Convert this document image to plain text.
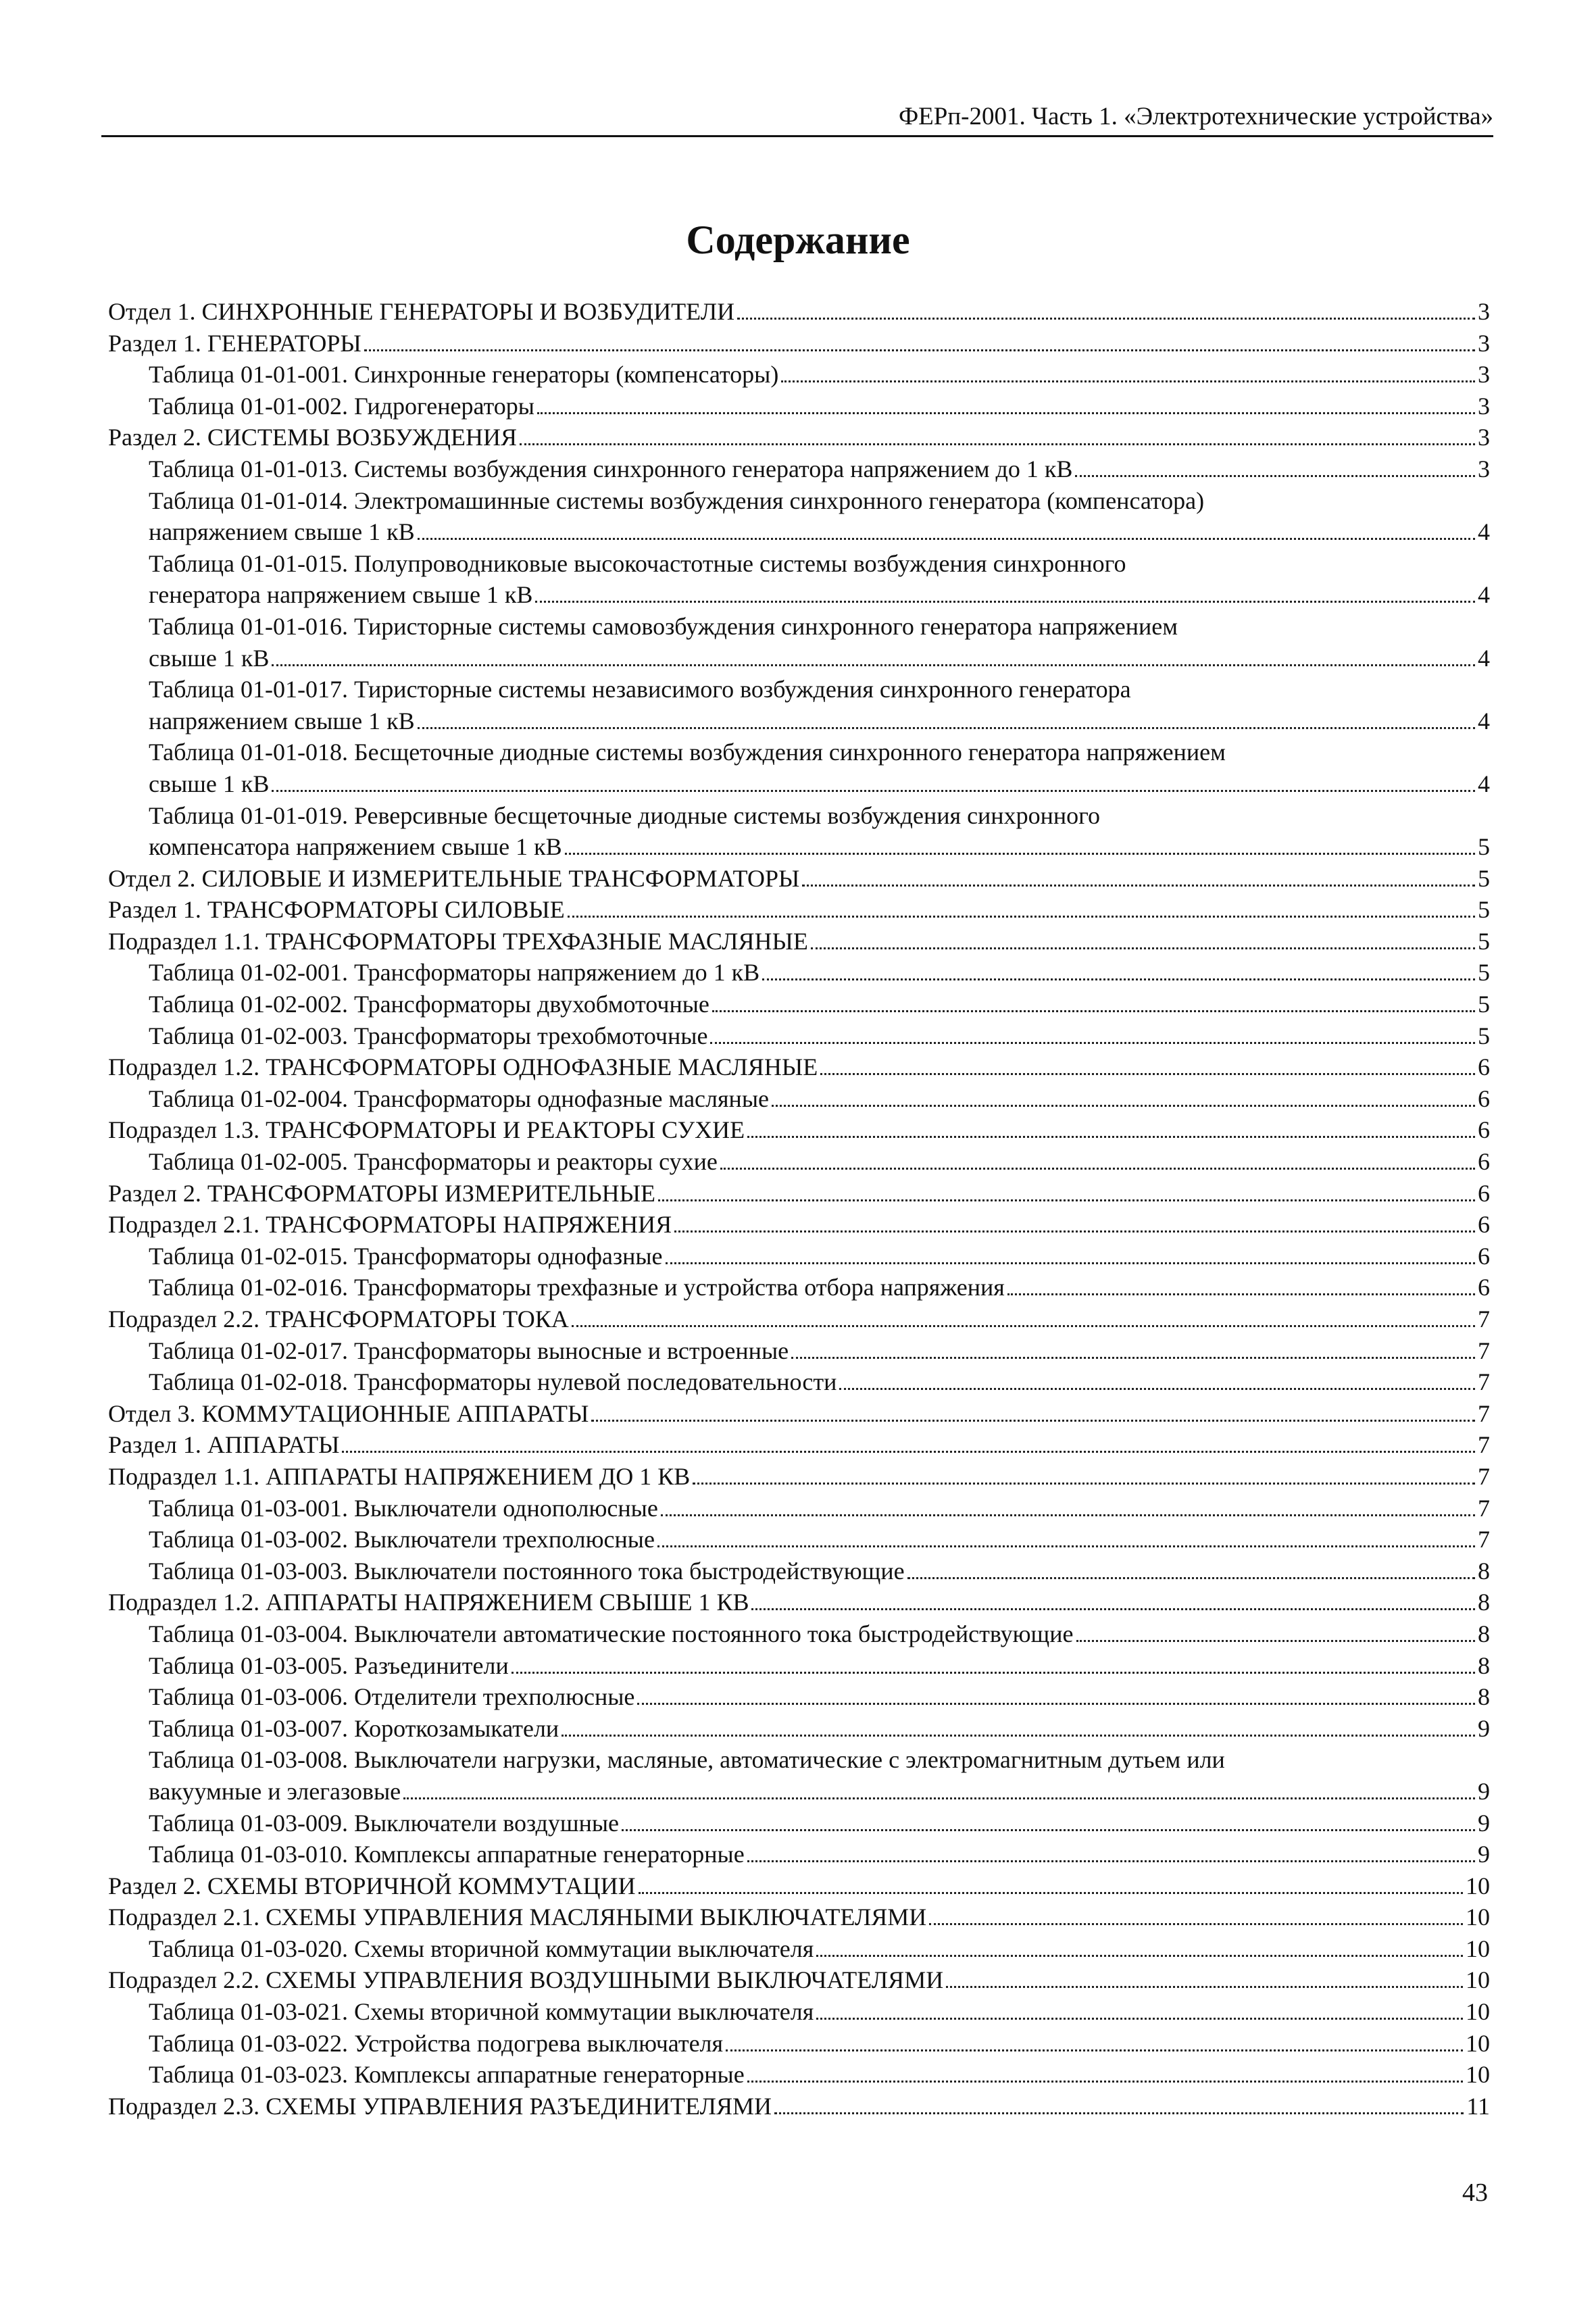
ФЕРп-2001. Часть 1. «Электротехнические устройства»
Содержание
Отдел 1. СИНХРОННЫЕ ГЕНЕРАТОРЫ И ВОЗБУДИТЕЛИ	3
Раздел 1. ГЕНЕРАТОРЫ	3
Таблица 01-01-001. Синхронные генераторы (компенсаторы)	3
Таблица 01-01-002. Гидрогенераторы	3
Раздел 2. СИСТЕМЫ ВОЗБУЖДЕНИЯ	3
Таблица 01-01-013. Системы возбуждения синхронного генератора напряжением до 1 кВ	3
Таблица 01-01-014. Электромашинные системы возбуждения синхронного генератора (компенсатора)
напряжением свыше 1 кВ	4
Таблица 01-01-015. Полупроводниковые высокочастотные системы возбуждения синхронного
генератора напряжением свыше 1 кВ	4
Таблица 01-01-016. Тиристорные системы самовозбуждения синхронного генератора напряжением
свыше 1 кВ	4
Таблица 01-01-017. Тиристорные системы независимого возбуждения синхронного генератора
напряжением свыше 1 кВ	4
Таблица 01-01-018. Бесщеточные диодные системы возбуждения синхронного генератора напряжением
свыше 1 кВ	4
Таблица 01-01-019. Реверсивные бесщеточные диодные системы возбуждения синхронного
компенсатора напряжением свыше 1 кВ	5
Отдел 2. СИЛОВЫЕ И ИЗМЕРИТЕЛЬНЫЕ ТРАНСФОРМАТОРЫ	5
Раздел 1. ТРАНСФОРМАТОРЫ СИЛОВЫЕ	5
Подраздел 1.1. ТРАНСФОРМАТОРЫ ТРЕХФАЗНЫЕ МАСЛЯНЫЕ	5
Таблица 01-02-001. Трансформаторы напряжением до 1 кВ	5
Таблица 01-02-002. Трансформаторы двухобмоточные	5
Таблица 01-02-003. Трансформаторы трехобмоточные	5
Подраздел 1.2. ТРАНСФОРМАТОРЫ ОДНОФАЗНЫЕ МАСЛЯНЫЕ	6
Таблица 01-02-004. Трансформаторы однофазные масляные	6
Подраздел 1.3. ТРАНСФОРМАТОРЫ И РЕАКТОРЫ СУХИЕ	6
Таблица 01-02-005. Трансформаторы и реакторы сухие	6
Раздел 2. ТРАНСФОРМАТОРЫ ИЗМЕРИТЕЛЬНЫЕ	6
Подраздел 2.1. ТРАНСФОРМАТОРЫ НАПРЯЖЕНИЯ	6
Таблица 01-02-015. Трансформаторы однофазные	6
Таблица 01-02-016. Трансформаторы трехфазные и устройства отбора напряжения	6
Подраздел 2.2. ТРАНСФОРМАТОРЫ ТОКА	7
Таблица 01-02-017. Трансформаторы выносные и встроенные	7
Таблица 01-02-018. Трансформаторы нулевой последовательности	7
Отдел 3. КОММУТАЦИОННЫЕ АППАРАТЫ	7
Раздел 1. АППАРАТЫ	7
Подраздел 1.1. АППАРАТЫ НАПРЯЖЕНИЕМ ДО 1 КВ	7
Таблица 01-03-001. Выключатели однополюсные	7
Таблица 01-03-002. Выключатели трехполюсные	7
Таблица 01-03-003. Выключатели постоянного тока быстродействующие	8
Подраздел 1.2. АППАРАТЫ НАПРЯЖЕНИЕМ СВЫШЕ 1 КВ	8
Таблица 01-03-004. Выключатели автоматические постоянного тока быстродействующие	8
Таблица 01-03-005. Разъединители	8
Таблица 01-03-006. Отделители трехполюсные	8
Таблица 01-03-007. Короткозамыкатели	9
Таблица 01-03-008. Выключатели нагрузки, масляные, автоматические с электромагнитным дутьем или
вакуумные и элегазовые	9
Таблица 01-03-009. Выключатели воздушные	9
Таблица 01-03-010. Комплексы аппаратные генераторные	9
Раздел 2. СХЕМЫ ВТОРИЧНОЙ КОММУТАЦИИ	10
Подраздел 2.1. СХЕМЫ УПРАВЛЕНИЯ МАСЛЯНЫМИ ВЫКЛЮЧАТЕЛЯМИ	10
Таблица 01-03-020. Схемы вторичной коммутации выключателя	10
Подраздел 2.2. СХЕМЫ УПРАВЛЕНИЯ ВОЗДУШНЫМИ ВЫКЛЮЧАТЕЛЯМИ	10
Таблица 01-03-021. Схемы вторичной коммутации выключателя	10
Таблица 01-03-022. Устройства подогрева выключателя	10
Таблица 01-03-023. Комплексы аппаратные генераторные	10
Подраздел 2.3. СХЕМЫ УПРАВЛЕНИЯ РАЗЪЕДИНИТЕЛЯМИ	11
43
